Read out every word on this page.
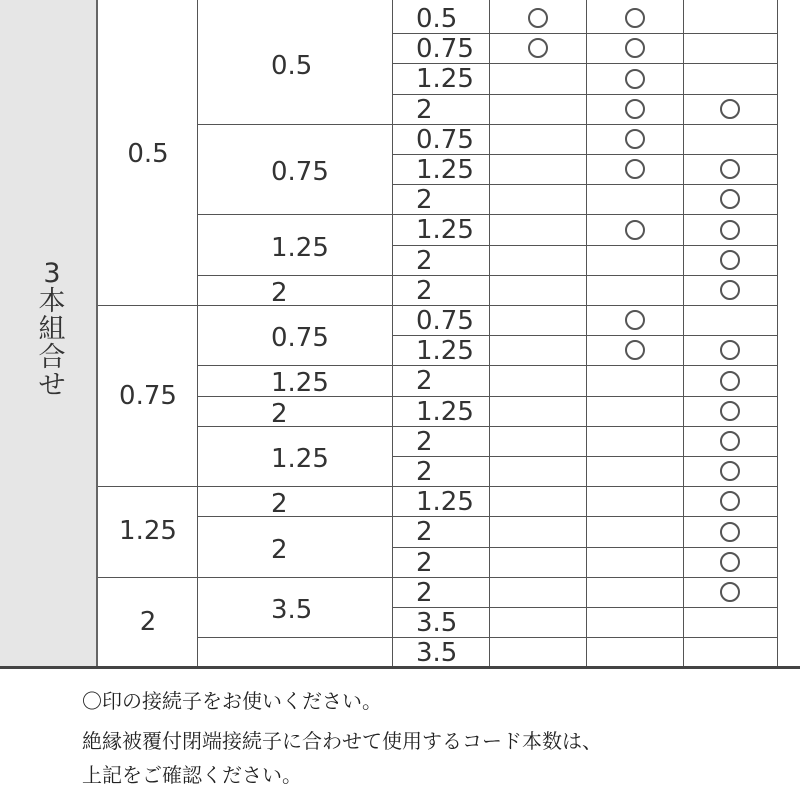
3本組合せ
0.5
0.75
1.25
2
0.5
0.75
1.25
2
0.75
1.25
2
1.25
2
2
3.5
0.5
0.75
1.25
2
0.75
1.25
2
1.25
2
2
0.75
1.25
2
1.25
2
2
1.25
2
2
2
3.5
3.5
〇印の接続子をお使いください。
絶縁被覆付閉端接続子に合わせて使用するコード本数は、
上記をご確認ください。
